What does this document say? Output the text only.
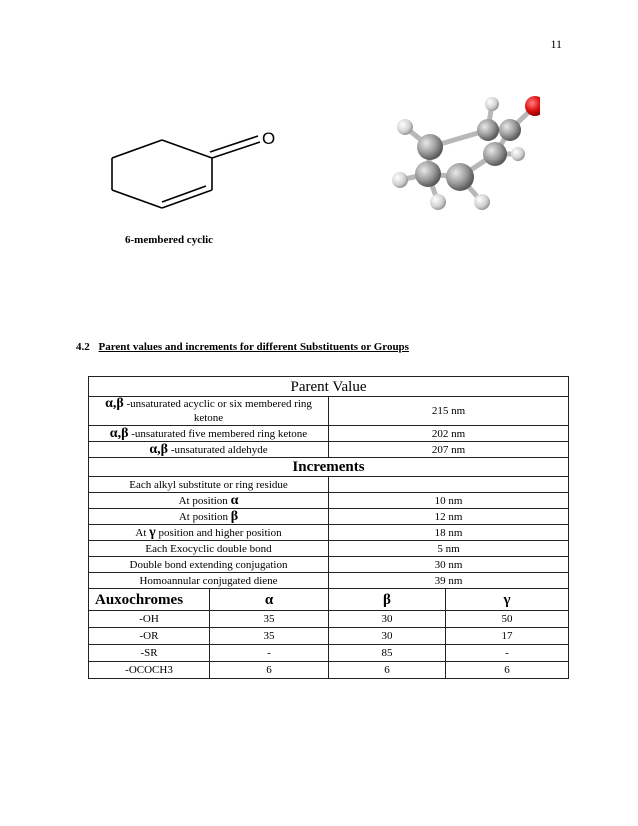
11
O
6-membered cyclic
4.2 Parent values and increments for different Substituents or Groups
Parent Value			
α,β -unsaturated acyclic or six membered ring ketone		215 nm	
α,β -unsaturated five membered ring ketone		202 nm	
α,β -unsaturated aldehyde		207 nm	
Increments			
Each alkyl substitute or ring residue			
At position α		10 nm	
At position β		12 nm	
At γ position and higher position		18 nm	
Each Exocyclic double bond		5 nm	
Double bond extending conjugation		30 nm	
Homoannular conjugated diene		39 nm	
Auxochromes	α	β	γ
-OH	35	30	50
-OR	35	30	17
-SR	-	85	-
-OCOCH3	6	6	6
